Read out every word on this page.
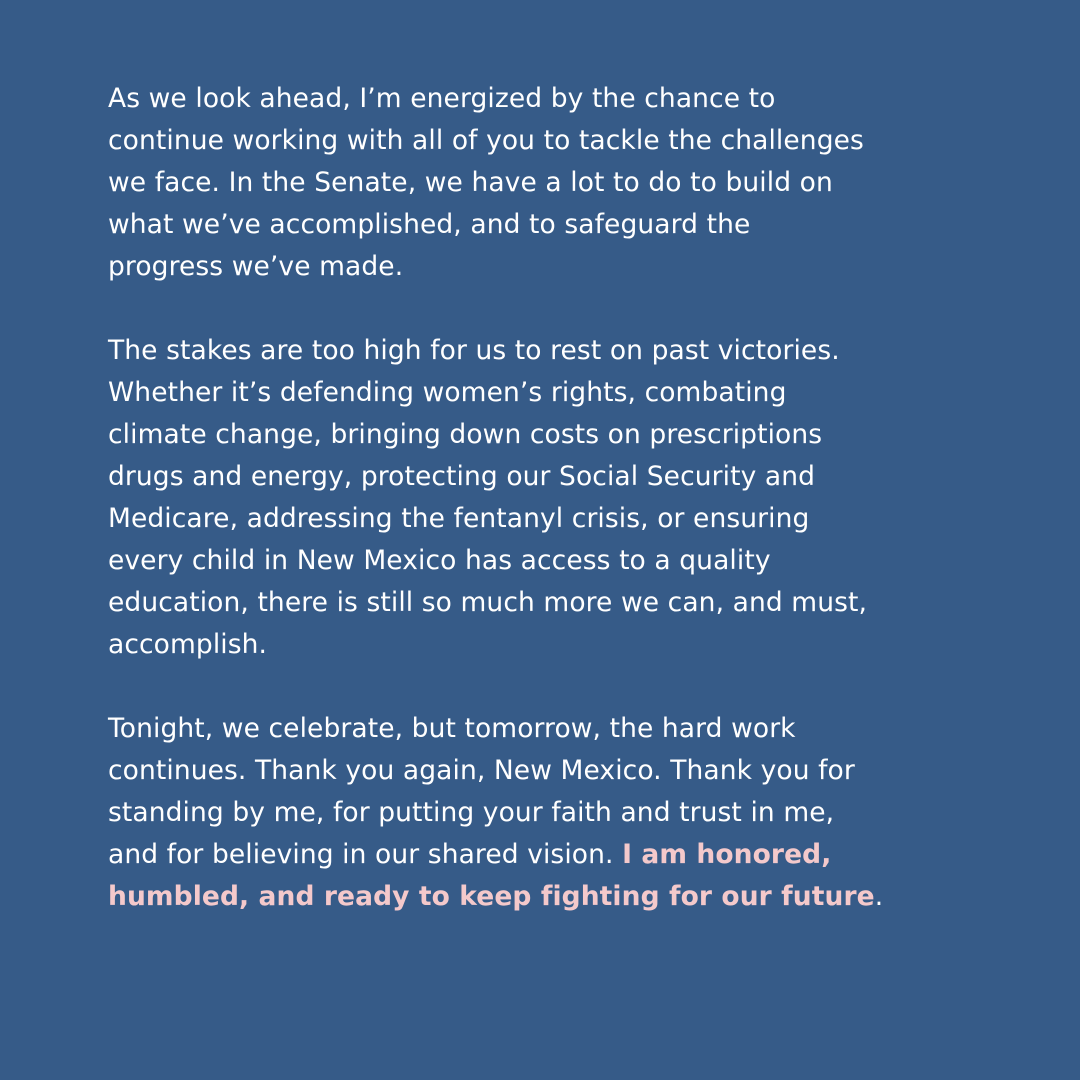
As we look ahead, I’m energized by the chance to
continue working with all of you to tackle the challenges
we face. In the Senate, we have a lot to do to build on
what we’ve accomplished, and to safeguard the
progress we’ve made.

The stakes are too high for us to rest on past victories.
Whether it’s defending women’s rights, combating
climate change, bringing down costs on prescriptions
drugs and energy, protecting our Social Security and
Medicare, addressing the fentanyl crisis, or ensuring
every child in New Mexico has access to a quality
education, there is still so much more we can, and must,
accomplish.

Tonight, we celebrate, but tomorrow, the hard work
continues. Thank you again, New Mexico. Thank you for
standing by me, for putting your faith and trust in me,
and for believing in our shared vision. I am honored,
humbled, and ready to keep fighting for our future.
